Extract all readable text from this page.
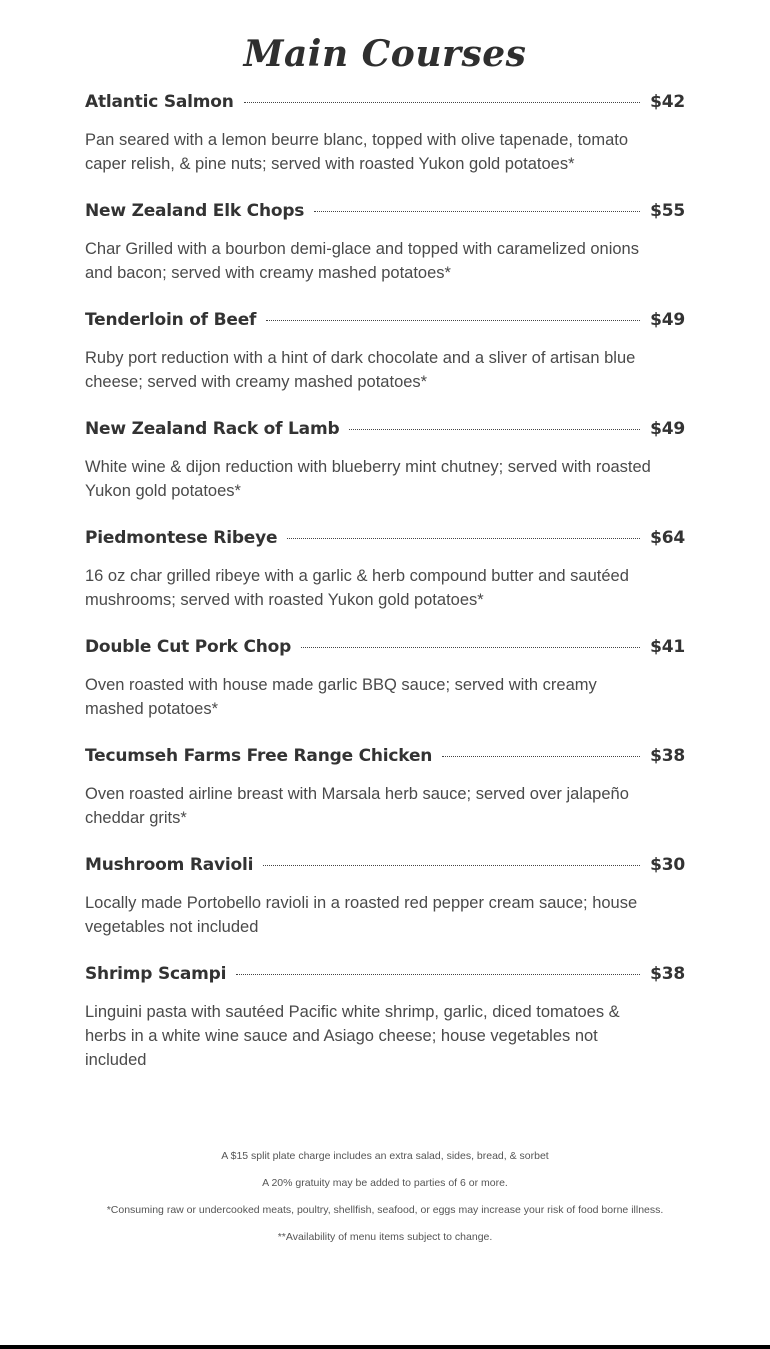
Main Courses
Atlantic Salmon	$42

Pan seared with a lemon beurre blanc, topped with olive tapenade, tomato caper relish, & pine nuts; served with roasted Yukon gold potatoes*

New Zealand Elk Chops	$55

Char Grilled with a bourbon demi-glace and topped with caramelized onions and bacon; served with creamy mashed potatoes*

Tenderloin of Beef	$49

Ruby port reduction with a hint of dark chocolate and a sliver of artisan blue cheese; served with creamy mashed potatoes*

New Zealand Rack of Lamb	$49

White wine & dijon reduction with blueberry mint chutney; served with roasted Yukon gold potatoes*

Piedmontese Ribeye	$64

16 oz char grilled ribeye with a garlic & herb compound butter and sautéed mushrooms; served with roasted Yukon gold potatoes*

Double Cut Pork Chop	$41

Oven roasted with house made garlic BBQ sauce; served with creamy mashed potatoes*

Tecumseh Farms Free Range Chicken	$38

Oven roasted airline breast with Marsala herb sauce; served over jalapeño cheddar grits*

Mushroom Ravioli	$30

Locally made Portobello ravioli in a roasted red pepper cream sauce; house vegetables not included

Shrimp Scampi	$38

Linguini pasta with sautéed Pacific white shrimp, garlic, diced tomatoes & herbs in a white wine sauce and Asiago cheese; house vegetables not included

A $15 split plate charge includes an extra salad, sides, bread, & sorbet

A 20% gratuity may be added to parties of 6 or more.

*Consuming raw or undercooked meats, poultry, shellfish, seafood, or eggs may increase your risk of food borne illness.

**Availability of menu items subject to change.
